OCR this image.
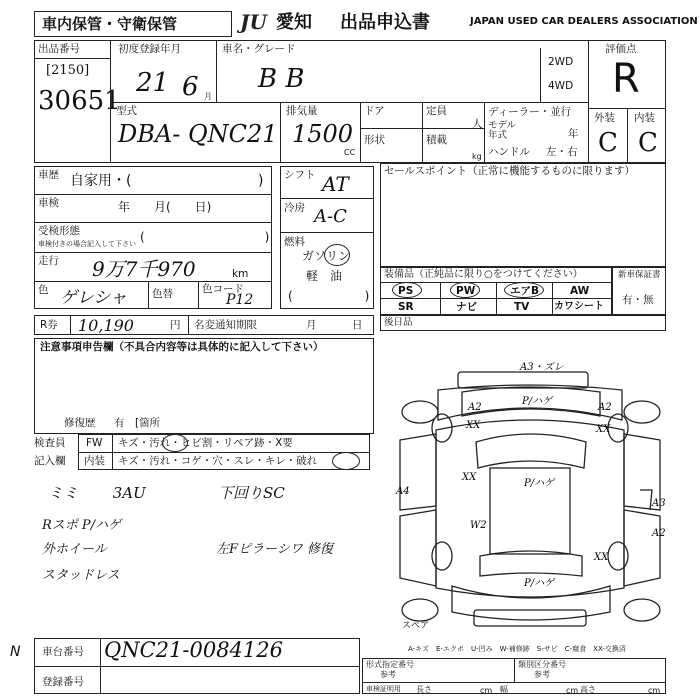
車内保管・守衛保管	JU 愛知 出品申込書	JAPAN USED CAR DEALERS ASSOCIATION
出品番号
[2150]
30651
初度登録年月
21 6 月
車名・グレード
B B
2WD
4WD
評価点
R
外装 内装
C C
型式
DBA- QNC21
排気量
1500
CC
ドア
形状
定員
人
積載
kg
ディーラー・並行
モデル
年式	年
ハンドル 左・右
車歴 自家用・(	)
車検	年　　月(　　日)
受検形態
車検付きの場合記入して下さい (　　　　　　　　　　)
走行 9万7千970	km
色 ゲレシャ 色替	色コード
P12
シフト AT
冷房 A-C
燃料
ガソリン
軽　油
(　　　　　　)
セールスポイント（正常に機能するものに限ります）
装備品（正純品に限り○をつけてください）
PS	PW	エアB	AW
SR	ナビ	TV カワシート
新車保証書
有・無
R券 10,190	円 名変通知期限	月	日 後日品
注意事項申告欄（不具合内容等は具体的に記入して下さい）
修復歴 有　[箇所
検査員
記入欄
FW キズ・汚れ・ヒビ割・リペア跡・X要
内装 キズ・汚れ・コゲ・穴・スレ・キレ・破れ
ミミ　　 3AU	下回りSC
Rスポ P/ハゲ
外ホイール	左Fピラーシワ 修復
スタッドレス
A3・ズレ
P/ハゲ
A2
XX
A2
XX
XX
P/ハゲ
A4
A3
W2
A2
P/ハゲ
XX
スペア
A-キズ　E-エクボ　U-凹み　W-補修跡　S-サビ　C-腐食　XX-交換済
N 車台番号 QNC21-0084126
登録番号
形式指定番号
参考
類別区分番号
参考
車検証明用 長さ	cm 幅	cm 高さ	cm
